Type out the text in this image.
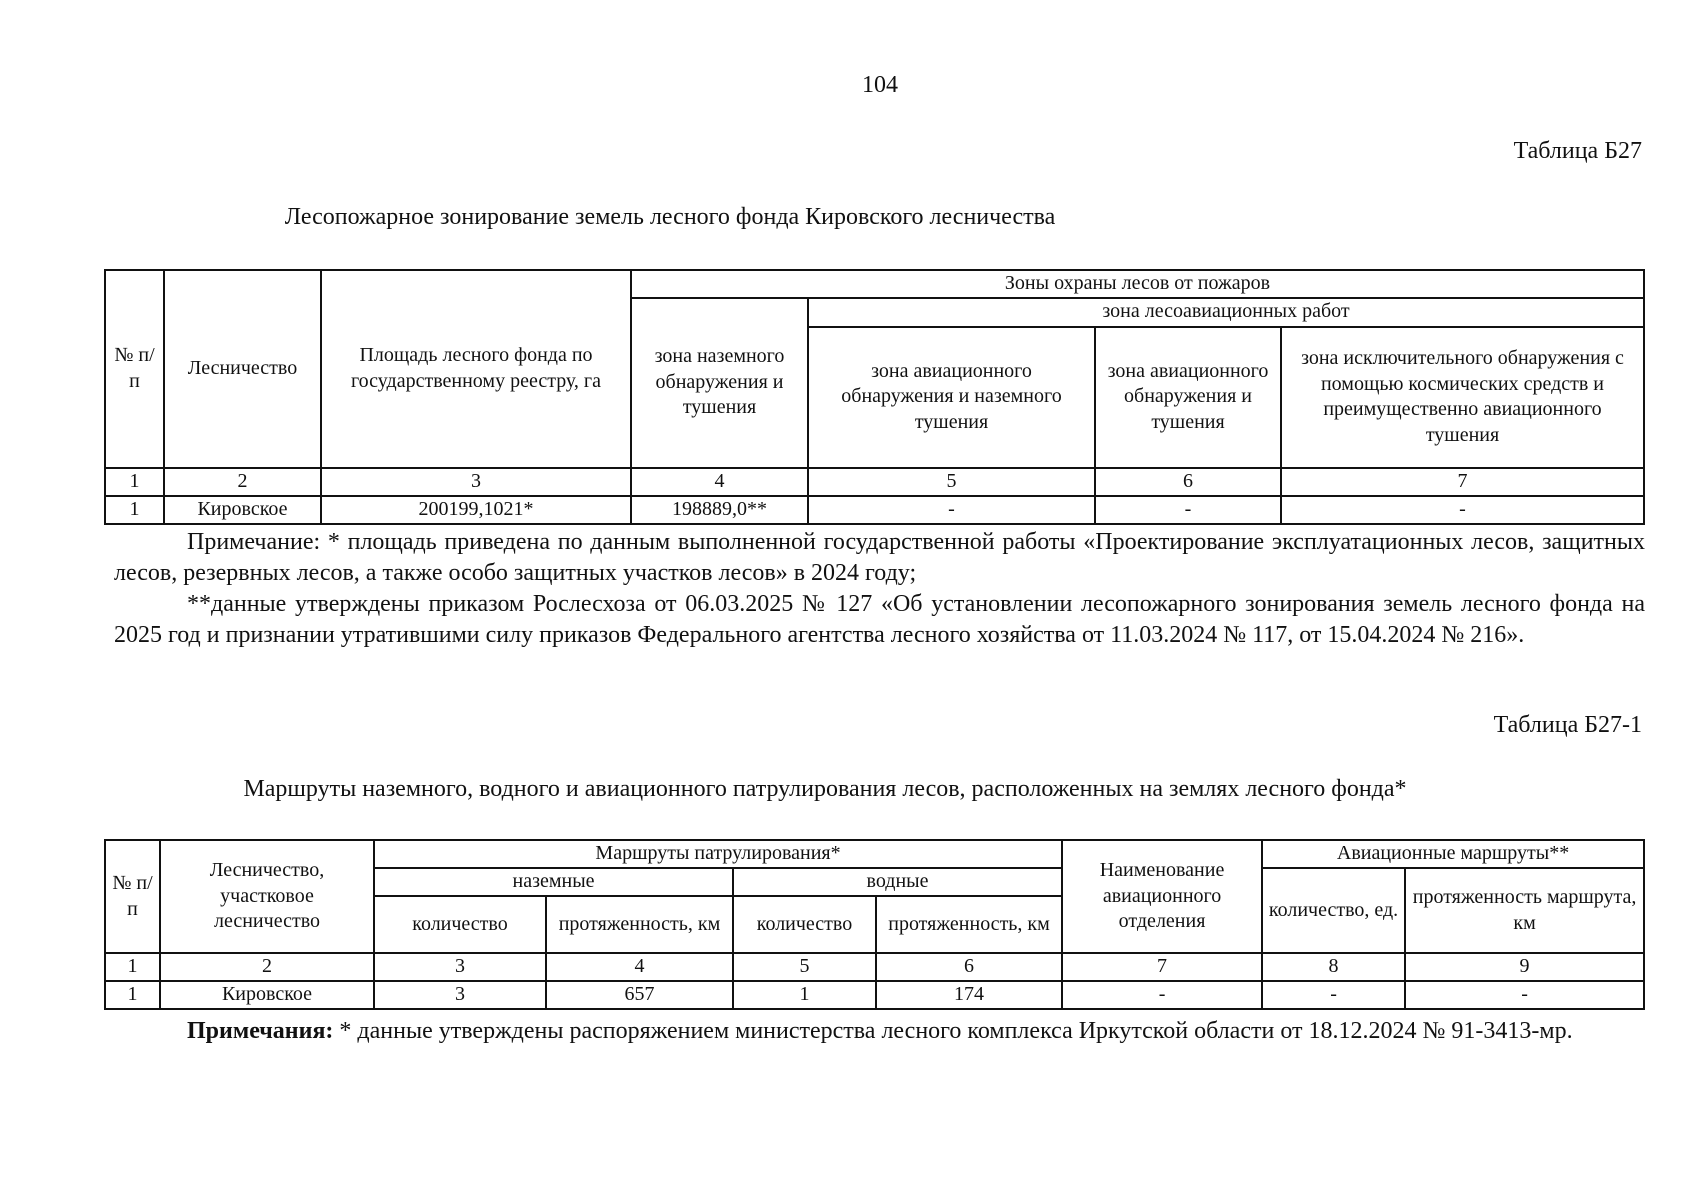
104
Таблица Б27
Лесопожарное зонирование земель лесного фонда Кировского лесничества
№ п/п	Лесничество	Площадь лесного фонда по государственному реестру, га	Зоны охраны лесов от пожаров			
			зона наземного обнаружения и тушения	зона лесоавиационных работ		
				зона авиационного обнаружения и наземного тушения	зона авиационного обнаружения и тушения	зона исключительного обнаружения с помощью космических средств и преимущественно авиационного тушения
1	2	3	4	5	6	7
1	Кировское	200199,1021*	198889,0**	-	-	-

Примечание: * площадь приведена по данным выполненной государственной работы «Проектирование эксплуатационных лесов, защитных лесов, резервных лесов, а также особо защитных участков лесов» в 2024 году;

**данные утверждены приказом Рослесхоза от 06.03.2025 № 127 «Об установлении лесопожарного зонирования земель лесного фонда на 2025 год и признании утратившими силу приказов Федерального агентства лесного хозяйства от 11.03.2024 № 117, от 15.04.2024 № 216».

Таблица Б27-1
Маршруты наземного, водного и авиационного патрулирования лесов, расположенных на землях лесного фонда*
№ п/п	Лесничество, участковое лесничество	Маршруты патрулирования*				Наименование авиационного отделения	Авиационные маршруты**	
		наземные		водные			количество, ед.	протяженность маршрута, км
		количество	протяженность, км	количество	протяженность, км			
1	2	3	4	5	6	7	8	9
1	Кировское	3	657	1	174	-	-	-

Примечания: * данные утверждены распоряжением министерства лесного комплекса Иркутской области от 18.12.2024 № 91-3413-мр.
